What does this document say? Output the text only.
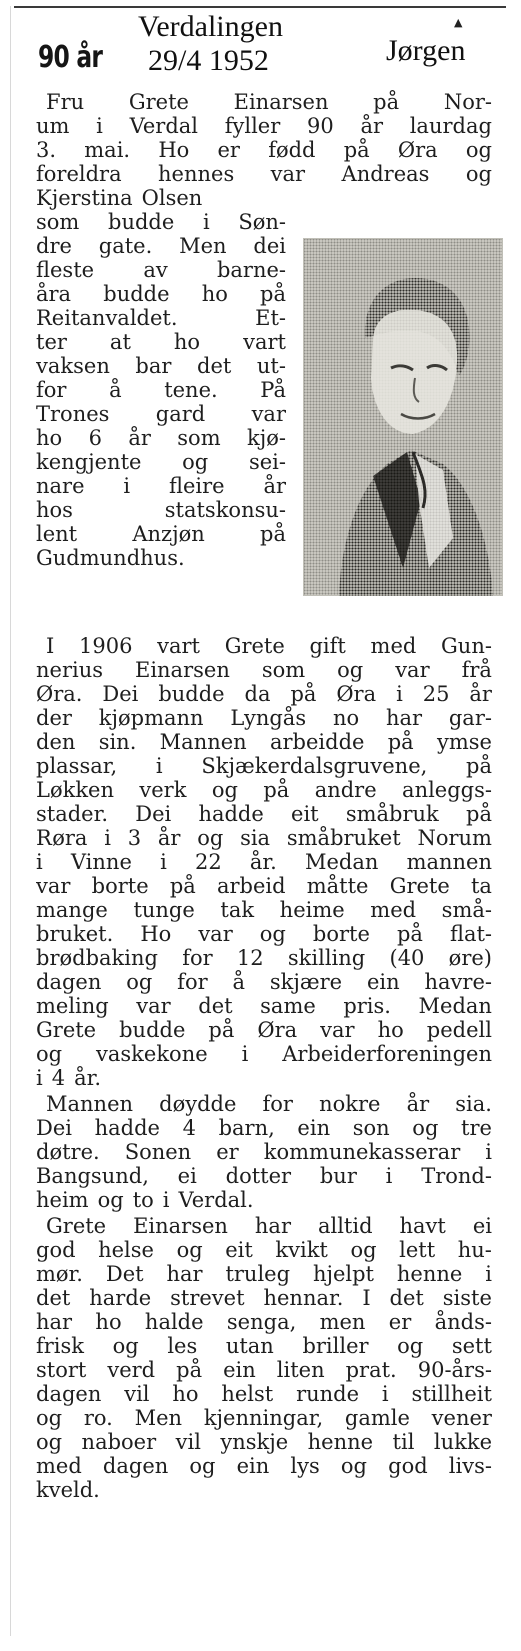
Verdalingen
29/4 1952	Jørgen
▲
90 år
Fru Grete Einarsen på Nor-
um i Verdal fyller 90 år laurdag
3. mai. Ho er fødd på Øra og
foreldra hennes var Andreas og
Kjerstina Olsen
som budde i Søn-
dre gate. Men dei
fleste av barne-
åra budde ho på
Reitanvaldet.	Et-
ter at ho vart
vaksen bar det ut-
for å tene. På
Trones gard var
ho 6 år som kjø-
kengjente og sei-
nare i fleire år
hos	statskonsu-
lent	Anzjøn	på
Gudmundhus.
I 1906 vart Grete gift med Gun-
nerius Einarsen som og var frå
Øra. Dei budde da på Øra i 25 år
der kjøpmann Lyngås no har gar-
den sin. Mannen arbeidde på ymse
plassar, i Skjækerdalsgruvene, på
Løkken verk og på andre anleggs-
stader. Dei hadde eit småbruk på
Røra i 3 år og sia småbruket Norum
i Vinne i 22 år. Medan mannen
var borte på arbeid måtte Grete ta
mange tunge tak heime med små-
bruket. Ho var og borte på flat-
brødbaking for 12 skilling (40 øre)
dagen og for å skjære ein havre-
meling var det same pris. Medan
Grete budde på Øra var ho pedell
og vaskekone i Arbeiderforeningen
i 4 år.
Mannen døydde for nokre år sia.
Dei hadde 4 barn, ein son og tre
døtre. Sonen er kommunekasserar i
Bangsund, ei dotter bur i Trond-
heim og to i Verdal.
Grete Einarsen har alltid havt ei
god helse og eit kvikt og lett hu-
mør. Det har truleg hjelpt henne i
det harde strevet hennar. I det siste
har ho halde senga, men er ånds-
frisk og les utan briller og sett
stort verd på ein liten prat. 90-års-
dagen vil ho helst runde i stillheit
og ro. Men kjenningar, gamle vener
og naboer vil ynskje henne til lukke
med dagen og ein lys og god livs-
kveld.
